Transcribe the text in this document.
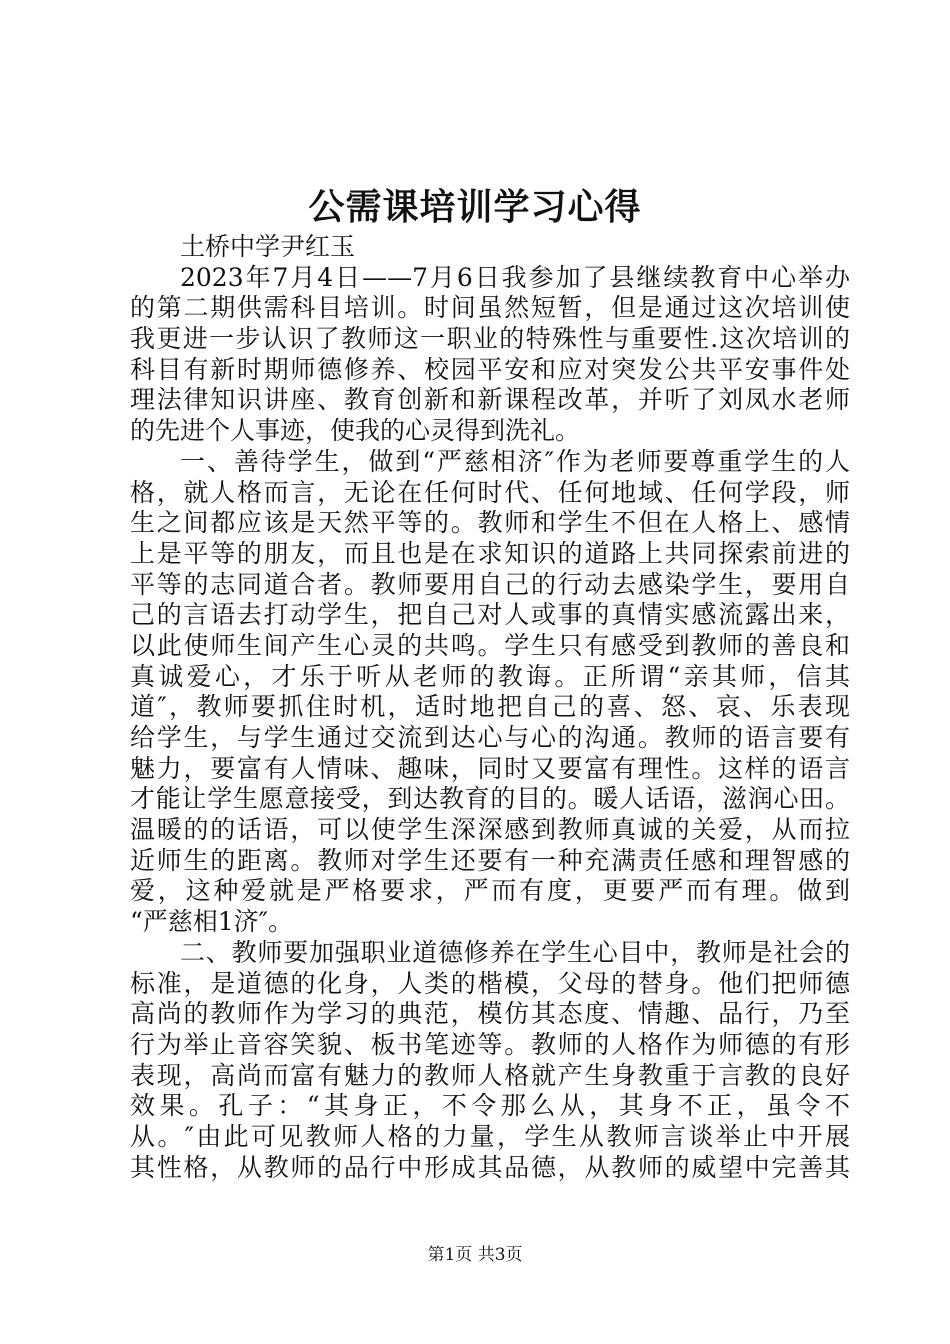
公需课培训学习心得
土桥中学尹红玉
2023年7月4日——7月6日我参加了县继续教育中心举办
的第二期供需科目培训。时间虽然短暂，但是通过这次培训使
我更进一步认识了教师这一职业的特殊性与重要性.这次培训的
科目有新时期师德修养、校园平安和应对突发公共平安事件处
理法律知识讲座、教育创新和新课程改革，并听了刘凤水老师
的先进个人事迹，使我的心灵得到洗礼。
一、善待学生，做到“严慈相济″作为老师要尊重学生的人
格，就人格而言，无论在任何时代、任何地域、任何学段，师
生之间都应该是天然平等的。教师和学生不但在人格上、感情
上是平等的朋友，而且也是在求知识的道路上共同探索前进的
平等的志同道合者。教师要用自己的行动去感染学生，要用自
己的言语去打动学生，把自己对人或事的真情实感流露出来，
以此使师生间产生心灵的共鸣。学生只有感受到教师的善良和
真诚爱心，才乐于听从老师的教诲。正所谓“亲其师，信其
道″，教师要抓住时机，适时地把自己的喜、怒、哀、乐表现
给学生，与学生通过交流到达心与心的沟通。教师的语言要有
魅力，要富有人情味、趣味，同时又要富有理性。这样的语言
才能让学生愿意接受，到达教育的目的。暖人话语，滋润心田。
温暖的的话语，可以使学生深深感到教师真诚的关爱，从而拉
近师生的距离。教师对学生还要有一种充满责任感和理智感的
爱，这种爱就是严格要求，严而有度，更要严而有理。做到
“严慈相1济″。
二、教师要加强职业道德修养在学生心目中，教师是社会的
标准，是道德的化身，人类的楷模，父母的替身。他们把师德
高尚的教师作为学习的典范，模仿其态度、情趣、品行，乃至
行为举止音容笑貌、板书笔迹等。教师的人格作为师德的有形
表现，高尚而富有魅力的教师人格就产生身教重于言教的良好
效果。孔子：“其身正，不令那么从，其身不正，虽令不
从。″由此可见教师人格的力量，学生从教师言谈举止中开展
其性格，从教师的品行中形成其品德，从教师的威望中完善其
第1页 共3页
